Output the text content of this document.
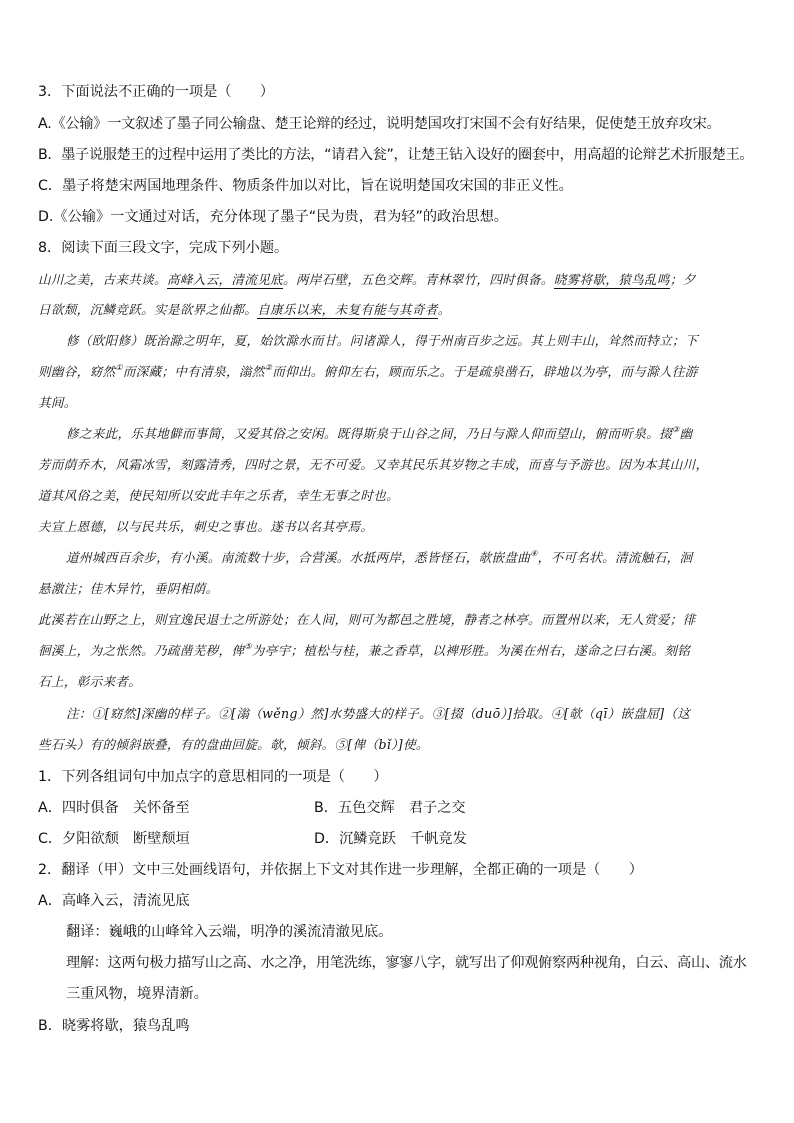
3．下面说法不正确的一项是（　　）
A.《公输》一文叙述了墨子同公输盘、楚王论辩的经过，说明楚国攻打宋国不会有好结果，促使楚王放弃攻宋。
B．墨子说服楚王的过程中运用了类比的方法，“请君入瓮”，让楚王钻入设好的圈套中，用高超的论辩艺术折服楚王。
C．墨子将楚宋两国地理条件、物质条件加以对比，旨在说明楚国攻宋国的非正义性。
D.《公输》一文通过对话，充分体现了墨子“民为贵，君为轻”的政治思想。
8．阅读下面三段文字，完成下列小题。
山川之美，古来共谈。高峰入云，清流见底。两岸石壁，五色交辉。青林翠竹，四时俱备。晓雾将歇，猿鸟乱鸣；夕
日欲颓，沉鳞竞跃。实是欲界之仙都。自康乐以来，未复有能与其奇者。
修（欧阳修）既治滁之明年，夏，始饮滁水而甘。问诸滁人，得于州南百步之远。其上则丰山，耸然而特立；下
则幽谷，窈然①而深藏；中有清泉，滃然②而仰出。俯仰左右，顾而乐之。于是疏泉凿石，辟地以为亭，而与滁人往游
其间。
修之来此，乐其地僻而事简，又爱其俗之安闲。既得斯泉于山谷之间，乃日与滁人仰而望山，俯而听泉。掇③幽
芳而荫乔木，风霜冰雪，刻露清秀，四时之景，无不可爱。又幸其民乐其岁物之丰成，而喜与予游也。因为本其山川，
道其风俗之美，使民知所以安此丰年之乐者，幸生无事之时也。
夫宣上恩德，以与民共乐，刺史之事也。遂书以名其亭焉。
道州城西百余步，有小溪。南流数十步，合营溪。水抵两岸，悉皆怪石，欹嵌盘曲④，不可名状。清流触石，洄
悬激注；佳木异竹，垂阴相荫。
此溪若在山野之上，则宜逸民退士之所游处；在人间，则可为都邑之胜境，静者之林亭。而置州以来，无人赏爱；徘
徊溪上，为之怅然。乃疏凿芜秽，俾⑤为亭宇；植松与桂，兼之香草，以裨形胜。为溪在州右，遂命之曰右溪。刻铭
石上，彰示来者。
注：①[窈然]深幽的样子。②[滃（wěng）然]水势盛大的样子。③[掇（duō）]拾取。④[欹（qī）嵌盘屈]（这
些石头）有的倾斜嵌叠，有的盘曲回旋。欹，倾斜。⑤[俾（bǐ）]使。
1．下列各组词句中加点字的意思相同的一项是（　　）
A．四时俱备　关怀备至	B．五色交辉　君子之交
C．夕阳欲颓　断壁颓垣	D．沉鳞竞跃　千帆竞发
2．翻译（甲）文中三处画线语句，并依据上下文对其作进一步理解，全都正确的一项是（　　）
A．高峰入云，清流见底
翻译：巍峨的山峰耸入云端，明净的溪流清澈见底。
理解：这两句极力描写山之高、水之净，用笔洗练，寥寥八字，就写出了仰观俯察两种视角，白云、高山、流水
三重风物，境界清新。
B．晓雾将歇，猿鸟乱鸣
